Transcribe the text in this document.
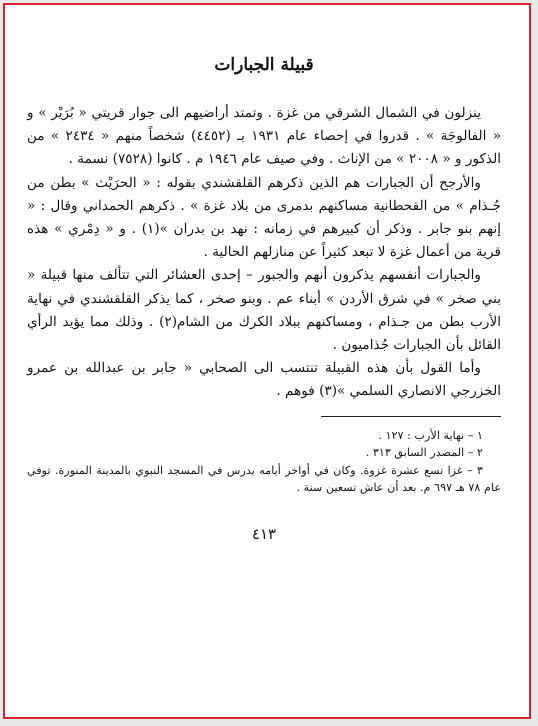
قبيلة الجبارات

ينزلون في الشمال الشرقي من غزة . وتمتد أراضيهم الى جوار قريتي « بُرَيْر » و « الفالوجَة » . قدروا في إحصاء عام ١٩٣١ بـ (٤٤٥٢) شخصاً منهم « ٢٤٣٤ » من الذكور و « ٢٠٠٨ » من الإناث . وفي صيف عام ١٩٤٦ م . كانوا (٧٥٢٨) نسمة .

والأرجح أن الجبارات هم الذين ذكرهم القلقشندي بقوله : « الحرَيْث » بطن من جُـذام » من القحطانية مساكنهم بدمرى من بلاد غزة » . ذكرهم الحمداني وقال : « إنهم بنو جابر . وذكر أن كبيرهم في زمانه : نهد بن بدران »(١) . و « دِمْري » هذه قرية من أعمال غزة لا تبعد كثيراً عن منازلهم الحالية .

والجبارات أنفسهم يذكرون أنهم والجبور – إحدى العشائر التي تتألف منها قبيلة « بني صخر » في شرق الأردن » أبناء عم . وبنو صخر ، كما يذكر القلقشندي في نهاية الأرب بطن من جـذام ، ومساكنهم ببلاد الكرك من الشام(٢) . وذلك مما يؤيد الرأي القائل بأن الجبارات جُذاميون .

وأما القول بأن هذه القبيلة تنتسب الى الصحابي « جابر بن عبدالله بن عمرو الخزرجي الانصاري السلمي »(٣) فوهم .

١ – نهاية الأرب : ١٢٧ .

٢ – المصدر السابق ٣١٣ .

٣ – غزا تسع عشرة غزوة. وكان في أواخر أيامه يدرس في المسجد النبوي بالمدينة المنورة. توفي عام ٧٨ هـ ٦٩٧ م. بعد أن عاش تسعين سنة .

٤١٣
